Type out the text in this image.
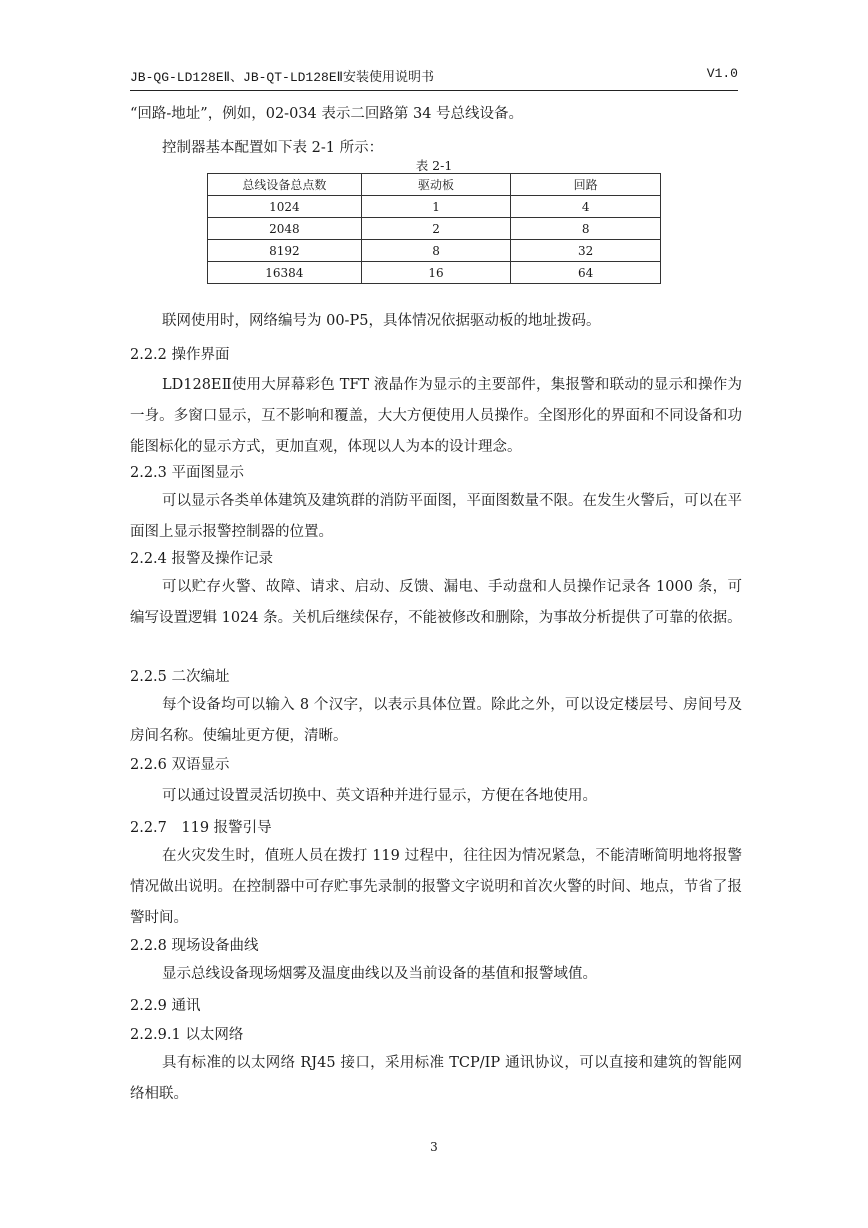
JB-QG-LD128EⅡ、JB-QT-LD128EⅡ安装使用说明书	V1.0
“回路-地址”，例如，02-034 表示二回路第 34 号总线设备。
控制器基本配置如下表 2-1 所示：
表 2-1
总线设备总点数	驱动板	回路
1024	1	4
2048	2	8
8192	8	32
16384	16	64
联网使用时，网络编号为 00-P5，具体情况依据驱动板的地址拨码。
2.2.2 操作界面
LD128EⅡ使用大屏幕彩色 TFT 液晶作为显示的主要部件，集报警和联动的显示和操作为一身。多窗口显示，互不影响和覆盖，大大方便使用人员操作。全图形化的界面和不同设备和功能图标化的显示方式，更加直观，体现以人为本的设计理念。
2.2.3 平面图显示
可以显示各类单体建筑及建筑群的消防平面图，平面图数量不限。在发生火警后，可以在平面图上显示报警控制器的位置。
2.2.4 报警及操作记录
可以贮存火警、故障、请求、启动、反馈、漏电、手动盘和人员操作记录各 1000 条，可编写设置逻辑 1024 条。关机后继续保存，不能被修改和删除，为事故分析提供了可靠的依据。
2.2.5 二次编址
每个设备均可以输入 8 个汉字，以表示具体位置。除此之外，可以设定楼层号、房间号及房间名称。使编址更方便，清晰。
2.2.6 双语显示
可以通过设置灵活切换中、英文语种并进行显示，方便在各地使用。
2.2.7　119 报警引导
在火灾发生时，值班人员在拨打 119 过程中，往往因为情况紧急，不能清晰简明地将报警情况做出说明。在控制器中可存贮事先录制的报警文字说明和首次火警的时间、地点，节省了报警时间。
2.2.8 现场设备曲线
显示总线设备现场烟雾及温度曲线以及当前设备的基值和报警域值。
2.2.9 通讯
2.2.9.1 以太网络
具有标准的以太网络 RJ45 接口，采用标准 TCP/IP 通讯协议，可以直接和建筑的智能网络相联。
3
